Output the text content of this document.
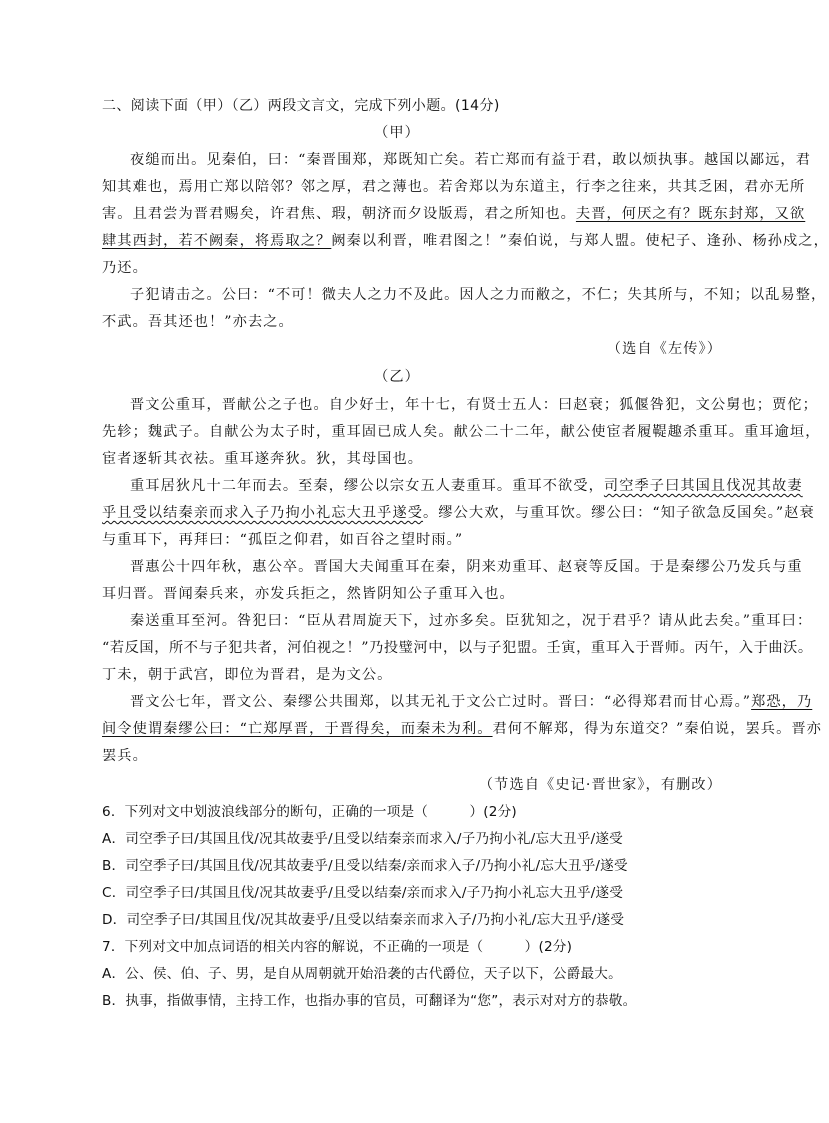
二、阅读下面（甲）（乙）两段文言文，完成下列小题。(14分)
（甲）
夜缒而出。见秦伯，曰：“秦晋围郑，郑既知亡矣。若亡郑而有益于君，敢以烦执事。越国以鄙远，君
知其难也，焉用亡郑以陪邻？邻之厚，君之薄也。若舍郑以为东道主，行李之往来，共其乏困，君亦无所
害。且君尝为晋君赐矣，许君焦、瑕，朝济而夕设版焉，君之所知也。夫晋，何厌之有？既东封郑，又欲
肆其西封，若不阙秦，将焉取之？阙秦以利晋，唯君图之！”秦伯说，与郑人盟。使杞子、逢孙、杨孙戍之，
乃还。
子犯请击之。公曰：“不可！微夫人之力不及此。因人之力而敝之，不仁；失其所与，不知；以乱易整，
不武。吾其还也！”亦去之。
（选自《左传》）
（乙）
晋文公重耳，晋献公之子也。自少好士，年十七，有贤士五人：曰赵衰；狐偃咎犯，文公舅也；贾佗；
先轸；魏武子。自献公为太子时，重耳固已成人矣。献公二十二年，献公使宦者履鞮趣杀重耳。重耳逾垣，
宦者逐斩其衣祛。重耳遂奔狄。狄，其母国也。
重耳居狄凡十二年而去。至秦，缪公以宗女五人妻重耳。重耳不欲受，司空季子曰其国且伐况其故妻
乎且受以结秦亲而求入子乃拘小礼忘大丑乎遂受。缪公大欢，与重耳饮。缪公曰：“知子欲急反国矣。”赵衰
与重耳下，再拜曰：“孤臣之仰君，如百谷之望时雨。”
晋惠公十四年秋，惠公卒。晋国大夫闻重耳在秦，阴来劝重耳、赵衰等反国。于是秦缪公乃发兵与重
耳归晋。晋闻秦兵来，亦发兵拒之，然皆阴知公子重耳入也。
秦送重耳至河。咎犯曰：“臣从君周旋天下，过亦多矣。臣犹知之，况于君乎？请从此去矣。”重耳曰：
“若反国，所不与子犯共者，河伯视之！”乃投璧河中，以与子犯盟。壬寅，重耳入于晋师。丙午，入于曲沃。
丁未，朝于武宫，即位为晋君，是为文公。
晋文公七年，晋文公、秦缪公共围郑，以其无礼于文公亡过时。晋曰：“必得郑君而甘心焉。”郑恐，乃
间令使谓秦缪公曰：“亡郑厚晋，于晋得矣，而秦未为利。君何不解郑，得为东道交？”秦伯说，罢兵。晋亦
罢兵。
（节选自《史记·晋世家》，有删改）
6．下列对文中划波浪线部分的断句，正确的一项是（　　　）(2分)
A．司空季子曰/其国且伐/况其故妻乎/且受以结秦亲而求入/子乃拘小礼/忘大丑乎/遂受
B．司空季子曰/其国且伐/况其故妻乎/且受以结秦/亲而求入子/乃拘小礼/忘大丑乎/遂受
C．司空季子曰/其国且伐/况其故妻乎/且受以结秦/亲而求入/子乃拘小礼忘大丑乎/遂受
D．司空季子曰/其国且伐/况其故妻乎/且受以结秦亲而求入子/乃拘小礼/忘大丑乎/遂受
7．下列对文中加点词语的相关内容的解说，不正确的一项是（　　　）(2分)
A．公、侯、伯、子、男，是自从周朝就开始沿袭的古代爵位，天子以下，公爵最大。
B．执事，指做事情，主持工作，也指办事的官员，可翻译为“您”，表示对对方的恭敬。
